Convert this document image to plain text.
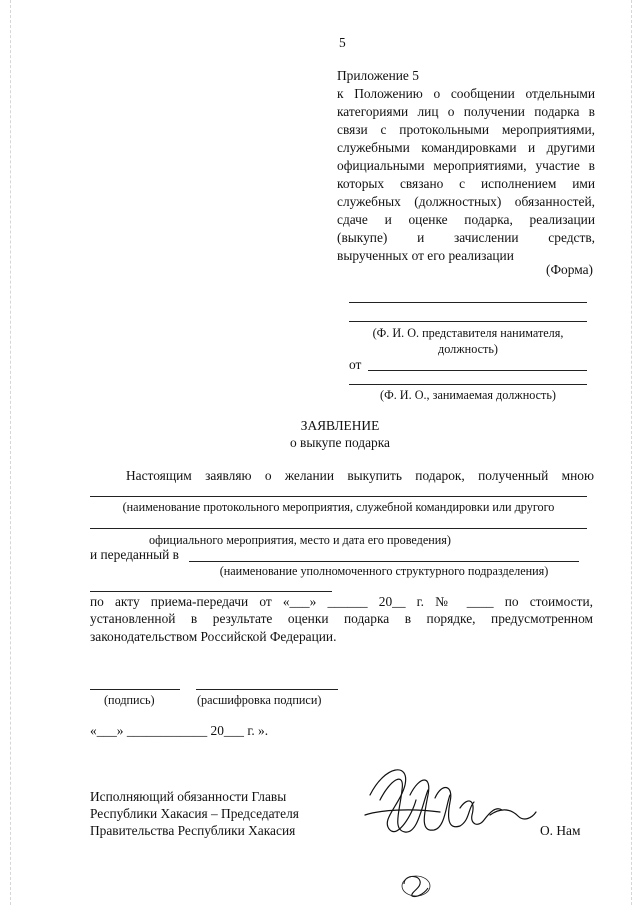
5
Приложение 5
к Положению о сообщении отдельными
категориями лиц о получении подарка в
связи с протокольными мероприятиями,
служебными командировками и другими
официальными мероприятиями, участие в
которых связано с исполнением ими
служебных (должностных) обязанностей,
сдаче и оценке подарка, реализации
(выкупе) и зачислении средств,
вырученных от его реализации
(Форма)
(Ф. И. О. представителя нанимателя,
должность)
от
(Ф. И. О., занимаемая должность)
ЗАЯВЛЕНИЕ
о выкупе подарка
Настоящим заявляю о желании выкупить подарок, полученный мною
(наименование протокольного мероприятия, служебной командировки или другого
официального мероприятия, место и дата его проведения)
и переданный в
(наименование уполномоченного структурного подразделения)
по акту приема-передачи от «___» ______ 20__ г. № ____ по стоимости,
установленной в результате оценки подарка в порядке, предусмотренном
законодательством Российской Федерации.
(подпись)	(расшифровка подписи)
«___» ____________ 20___ г. ».
Исполняющий обязанности Главы
Республики Хакасия – Председателя
Правительства Республики Хакасия	О. Нам
